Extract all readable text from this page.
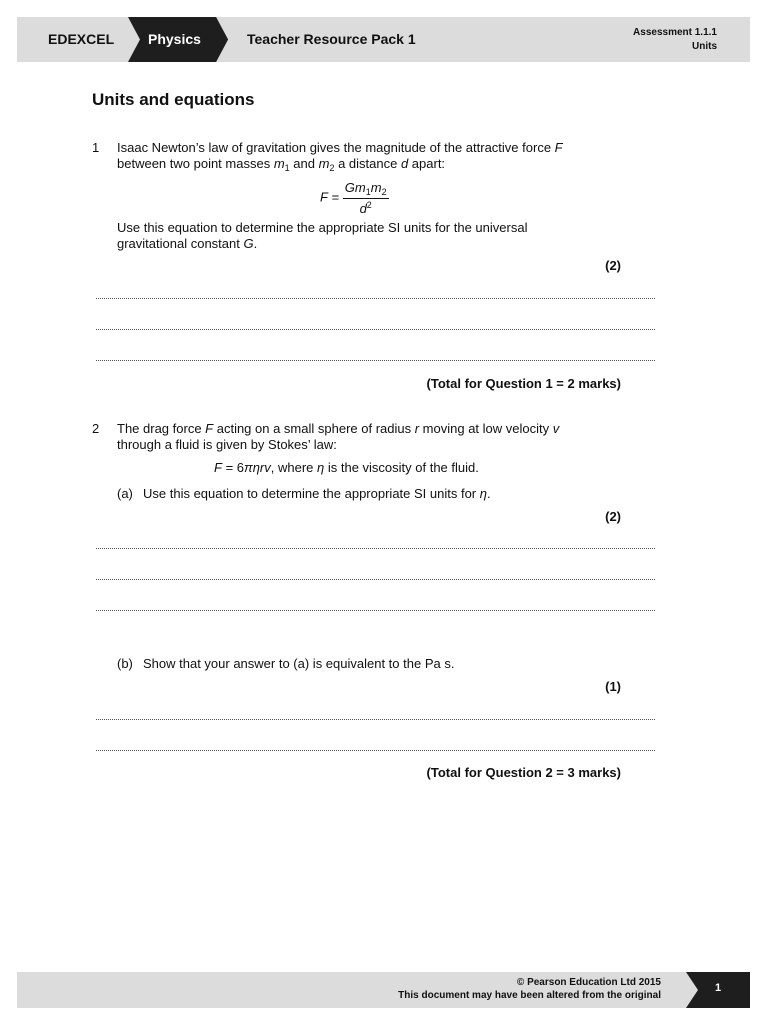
EDEXCEL Physics	Teacher Resource Pack 1	Assessment 1.1.1
Units
Units and equations
1 Isaac Newton’s law of gravitation gives the magnitude of the attractive force F
between two point masses $m_1$ and $m_2$ a distance d apart:
$F = \frac{Gm_1m_2}{d^2}$
Use this equation to determine the appropriate SI units for the universal
gravitational constant G.
(2)
(Total for Question 1 = 2 marks)
2 The drag force F acting on a small sphere of radius r moving at low velocity v
through a fluid is given by Stokes’ law:
F = 6πηrv, where η is the viscosity of the fluid.
(a) Use this equation to determine the appropriate SI units for η.
(2)
(b) Show that your answer to (a) is equivalent to the Pa s.
(1)
(Total for Question 2 = 3 marks)
© Pearson Education Ltd 2015
This document may have been altered from the original
1
